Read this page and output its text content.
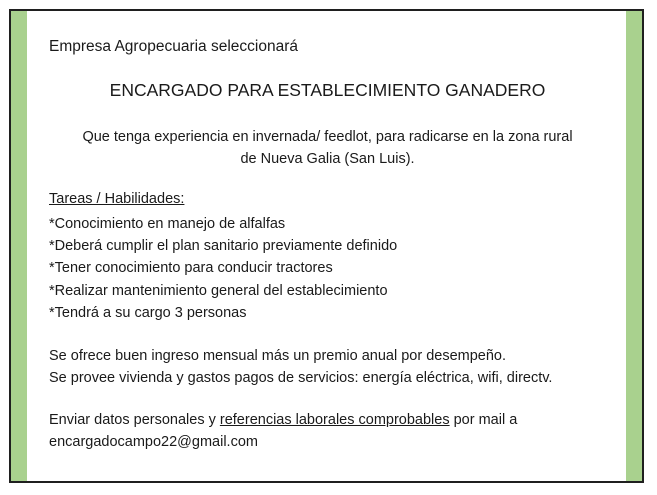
Empresa Agropecuaria seleccionará
ENCARGADO PARA ESTABLECIMIENTO GANADERO
Que tenga experiencia en invernada/ feedlot, para radicarse en la zona rural
de Nueva Galia (San Luis).
Tareas / Habilidades:
*Conocimiento en manejo de alfalfas
*Deberá cumplir el plan sanitario previamente definido
*Tener conocimiento para conducir tractores
*Realizar mantenimiento general del establecimiento
*Tendrá a su cargo 3 personas
Se ofrece buen ingreso mensual más un premio anual por desempeño.
Se provee vivienda y gastos pagos de servicios: energía eléctrica, wifi, directv.
Enviar datos personales y referencias laborales comprobables por mail a
encargadocampo22@gmail.com
